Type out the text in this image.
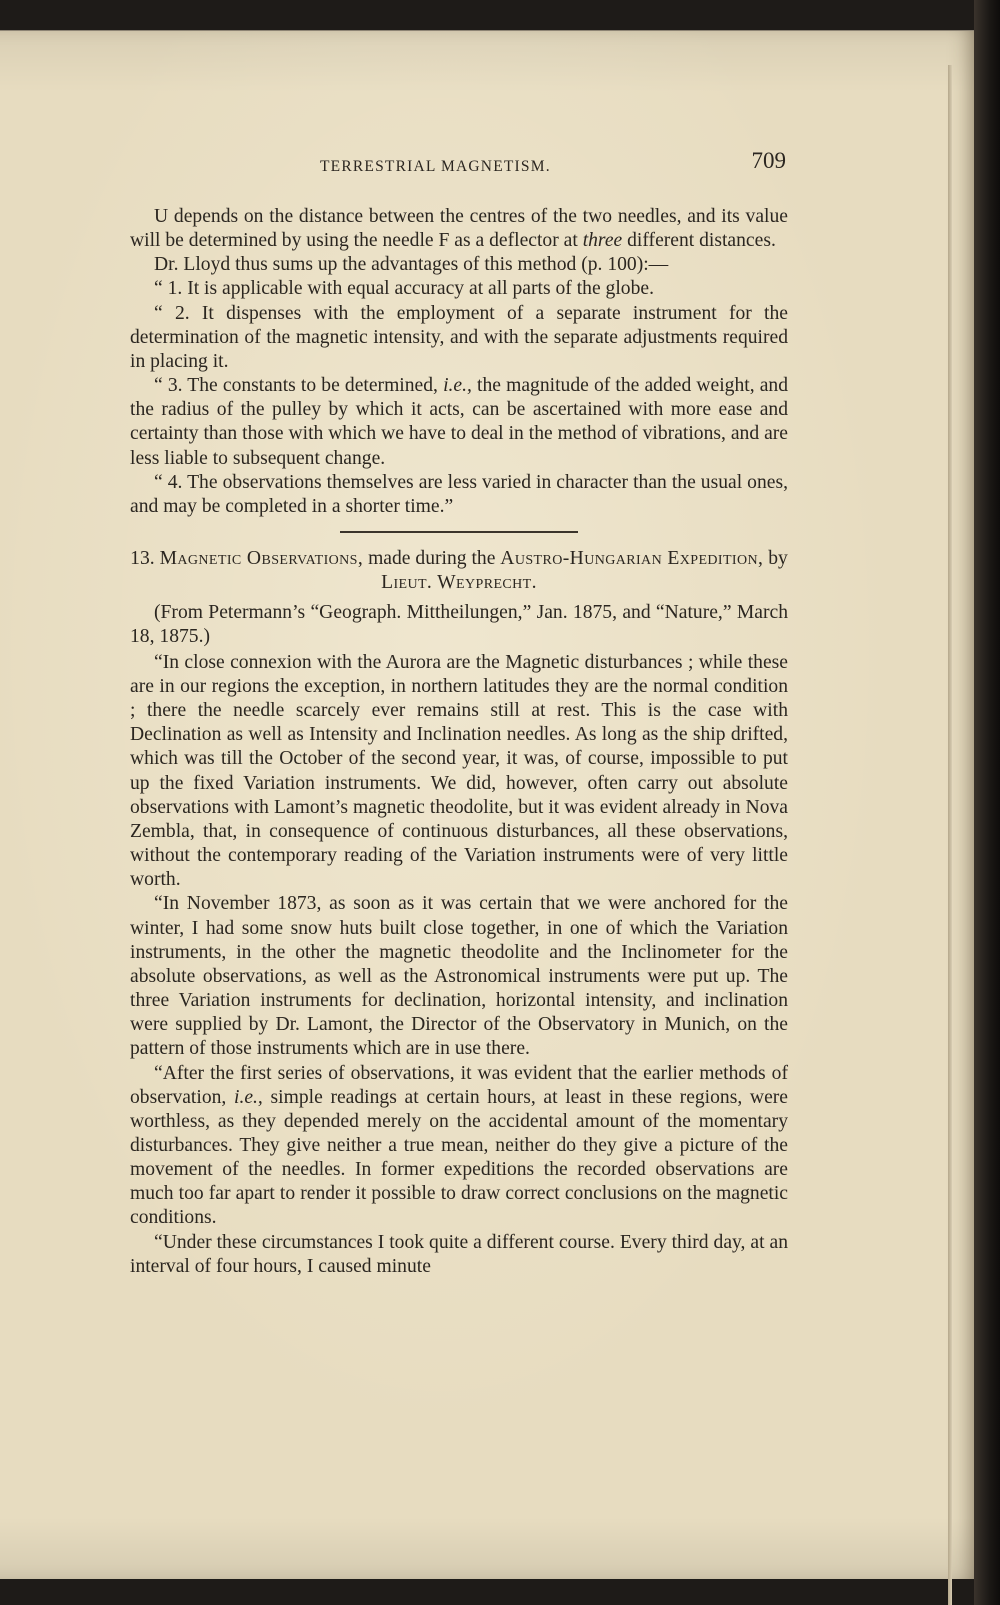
TERRESTRIAL MAGNETISM.	709

U depends on the distance between the centres of the two needles, and its value will be determined by using the needle F as a deflector at three different distances.

Dr. Lloyd thus sums up the advantages of this method (p. 100):—

“ 1. It is applicable with equal accuracy at all parts of the globe.

“ 2. It dispenses with the employment of a separate instrument for the determination of the magnetic intensity, and with the separate adjustments required in placing it.

“ 3. The constants to be determined, i.e., the magnitude of the added weight, and the radius of the pulley by which it acts, can be ascertained with more ease and certainty than those with which we have to deal in the method of vibrations, and are less liable to subsequent change.

“ 4. The observations themselves are less varied in character than the usual ones, and may be completed in a shorter time.”

13. Magnetic Observations, made during the Austro-Hungarian Expedition, by Lieut. Weyprecht.

(From Petermann’s “Geograph. Mittheilungen,” Jan. 1875, and “Nature,” March 18, 1875.)

“In close connexion with the Aurora are the Magnetic disturbances ; while these are in our regions the exception, in northern latitudes they are the normal condition ; there the needle scarcely ever remains still at rest. This is the case with Declination as well as Intensity and Inclination needles. As long as the ship drifted, which was till the October of the second year, it was, of course, impossible to put up the fixed Variation instruments. We did, however, often carry out absolute observations with Lamont’s magnetic theodolite, but it was evident already in Nova Zembla, that, in consequence of continuous disturbances, all these observations, without the contemporary reading of the Variation instruments were of very little worth.

“In November 1873, as soon as it was certain that we were anchored for the winter, I had some snow huts built close together, in one of which the Variation instruments, in the other the magnetic theodolite and the Inclinometer for the absolute observations, as well as the Astronomical instruments were put up. The three Variation instruments for declination, horizontal intensity, and inclination were supplied by Dr. Lamont, the Director of the Observatory in Munich, on the pattern of those instruments which are in use there.

“After the first series of observations, it was evident that the earlier methods of observation, i.e., simple readings at certain hours, at least in these regions, were worthless, as they depended merely on the accidental amount of the momentary disturbances. They give neither a true mean, neither do they give a picture of the movement of the needles. In former expeditions the recorded observations are much too far apart to render it possible to draw correct conclusions on the magnetic conditions.

“Under these circumstances I took quite a different course. Every third day, at an interval of four hours, I caused minute
